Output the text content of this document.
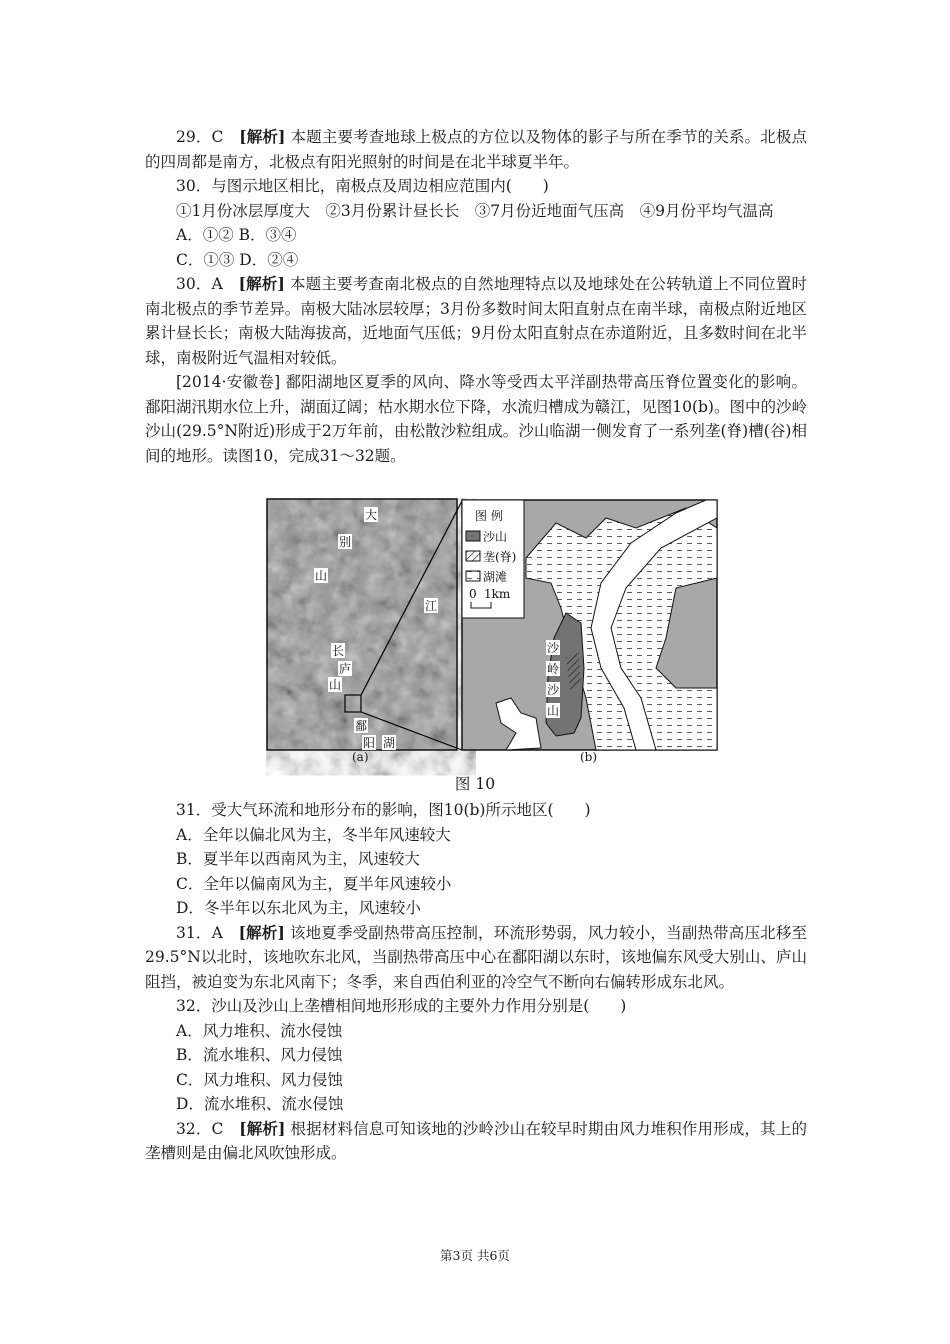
29．C　 [解析] 本题主要考查地球上极点的方位以及物体的影子与所在季节的关系。北极点的四周都是南方，北极点有阳光照射的时间是在北半球夏半年。

30．与图示地区相比，南极点及周边相应范围内(　　)

①1月份冰层厚度大　②3月份累计昼长长　③7月份近地面气压高　④9月份平均气温高

A．①② B．③④

C．①③ D．②④

30．A　 [解析] 本题主要考查南北极点的自然地理特点以及地球处在公转轨道上不同位置时南北极点的季节差异。南极大陆冰层较厚；3月份多数时间太阳直射点在南半球，南极点附近地区累计昼长长；南极大陆海拔高，近地面气压低；9月份太阳直射点在赤道附近，且多数时间在北半球，南极附近气温相对较低。

[2014·安徽卷] 鄱阳湖地区夏季的风向、降水等受西太平洋副热带高压脊位置变化的影响。鄱阳湖汛期水位上升，湖面辽阔；枯水期水位下降，水流归槽成为赣江，见图10(b)。图中的沙岭沙山(29.5°N附近)形成于2万年前，由松散沙粒组成。沙山临湖一侧发育了一系列垄(脊)槽(谷)相间的地形。读图10，完成31～32题。

大
别
山
江
长
庐
山
鄱
阳 湖
图 例
沙山
垄(脊)
湖滩
0 1km
沙
岭
沙
山
(a)	(b)
图 10

31．受大气环流和地形分布的影响，图10(b)所示地区(　　)

A．全年以偏北风为主，冬半年风速较大

B．夏半年以西南风为主，风速较大

C．全年以偏南风为主，夏半年风速较小

D．冬半年以东北风为主，风速较小

31．A　 [解析] 该地夏季受副热带高压控制，环流形势弱，风力较小，当副热带高压北移至29.5°N以北时，该地吹东北风，当副热带高压中心在鄱阳湖以东时，该地偏东风受大别山、庐山阻挡，被迫变为东北风南下；冬季，来自西伯利亚的冷空气不断向右偏转形成东北风。

32．沙山及沙山上垄槽相间地形形成的主要外力作用分别是(　　)

A．风力堆积、流水侵蚀

B．流水堆积、风力侵蚀

C．风力堆积、风力侵蚀

D．流水堆积、流水侵蚀

32．C　 [解析] 根据材料信息可知该地的沙岭沙山在较早时期由风力堆积作用形成，其上的垄槽则是由偏北风吹蚀形成。

第3页 共6页
